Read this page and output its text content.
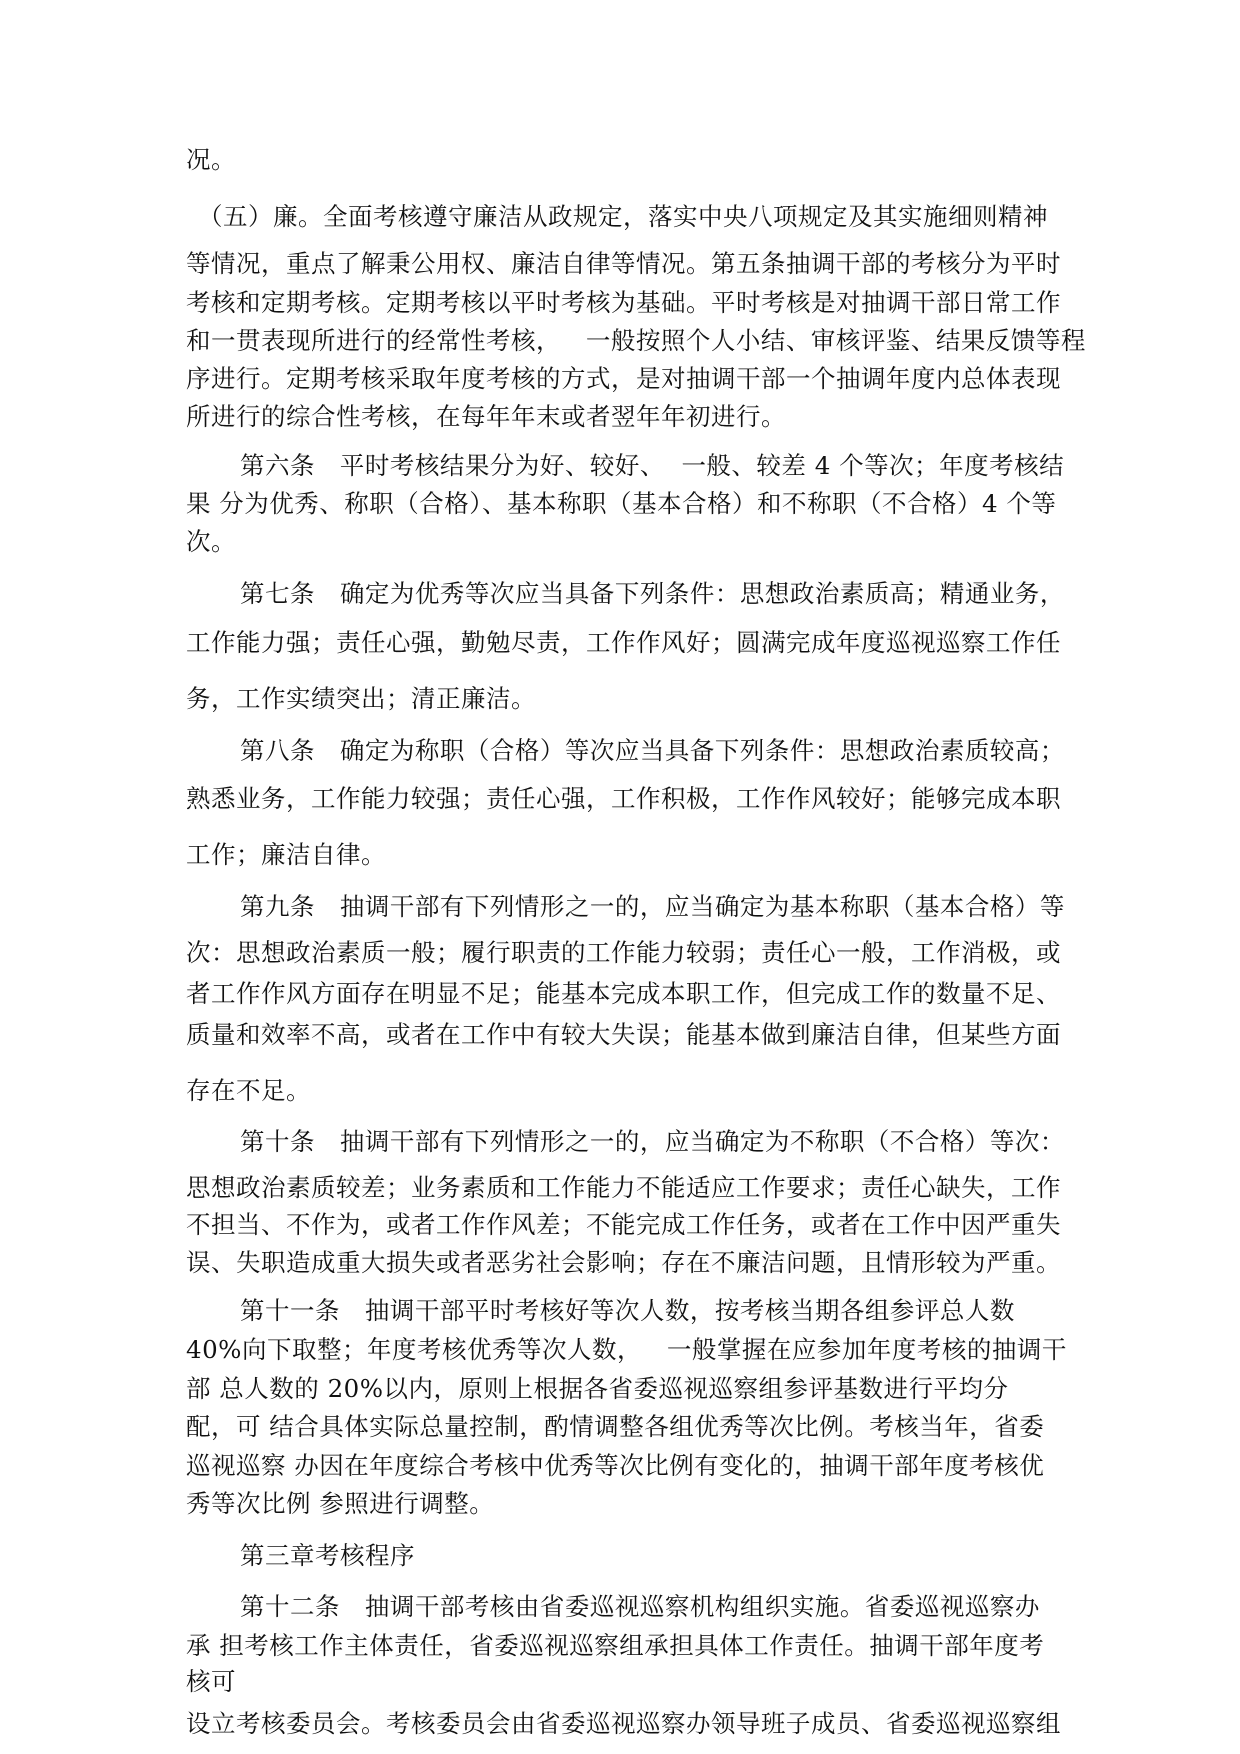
况。
（五）廉。全面考核遵守廉洁从政规定，落实中央八项规定及其实施细则精神
等情况，重点了解秉公用权、廉洁自律等情况。第五条抽调干部的考核分为平时
考核和定期考核。定期考核以平时考核为基础。平时考核是对抽调干部日常工作
和一贯表现所进行的经常性考核，   一般按照个人小结、审核评鉴、结果反馈等程
序进行。定期考核采取年度考核的方式，是对抽调干部一个抽调年度内总体表现
所进行的综合性考核，在每年年末或者翌年年初进行。
第六条   平时考核结果分为好、较好、  一般、较差 4 个等次；年度考核结
果 分为优秀、称职（合格）、基本称职（基本合格）和不称职（不合格）4 个等
次。
第七条   确定为优秀等次应当具备下列条件：思想政治素质高；精通业务，
工作能力强；责任心强，勤勉尽责，工作作风好；圆满完成年度巡视巡察工作任
务，工作实绩突出；清正廉洁。
第八条   确定为称职（合格）等次应当具备下列条件：思想政治素质较高；
熟悉业务，工作能力较强；责任心强，工作积极，工作作风较好；能够完成本职
工作；廉洁自律。
第九条   抽调干部有下列情形之一的，应当确定为基本称职（基本合格）等
次：思想政治素质一般；履行职责的工作能力较弱；责任心一般，工作消极，或
者工作作风方面存在明显不足；能基本完成本职工作，但完成工作的数量不足、
质量和效率不高，或者在工作中有较大失误；能基本做到廉洁自律，但某些方面
存在不足。
第十条   抽调干部有下列情形之一的，应当确定为不称职（不合格）等次：
思想政治素质较差；业务素质和工作能力不能适应工作要求；责任心缺失，工作
不担当、不作为，或者工作作风差；不能完成工作任务，或者在工作中因严重失
误、失职造成重大损失或者恶劣社会影响；存在不廉洁问题，且情形较为严重。
第十一条   抽调干部平时考核好等次人数，按考核当期各组参评总人数
40%向下取整；年度考核优秀等次人数，   一般掌握在应参加年度考核的抽调干
部 总人数的 20%以内，原则上根据各省委巡视巡察组参评基数进行平均分
配，可 结合具体实际总量控制，酌情调整各组优秀等次比例。考核当年，省委
巡视巡察 办因在年度综合考核中优秀等次比例有变化的，抽调干部年度考核优
秀等次比例 参照进行调整。
第三章考核程序
第十二条   抽调干部考核由省委巡视巡察机构组织实施。省委巡视巡察办
承 担考核工作主体责任，省委巡视巡察组承担具体工作责任。抽调干部年度考
核可
设立考核委员会。考核委员会由省委巡视巡察办领导班子成员、省委巡视巡察组
